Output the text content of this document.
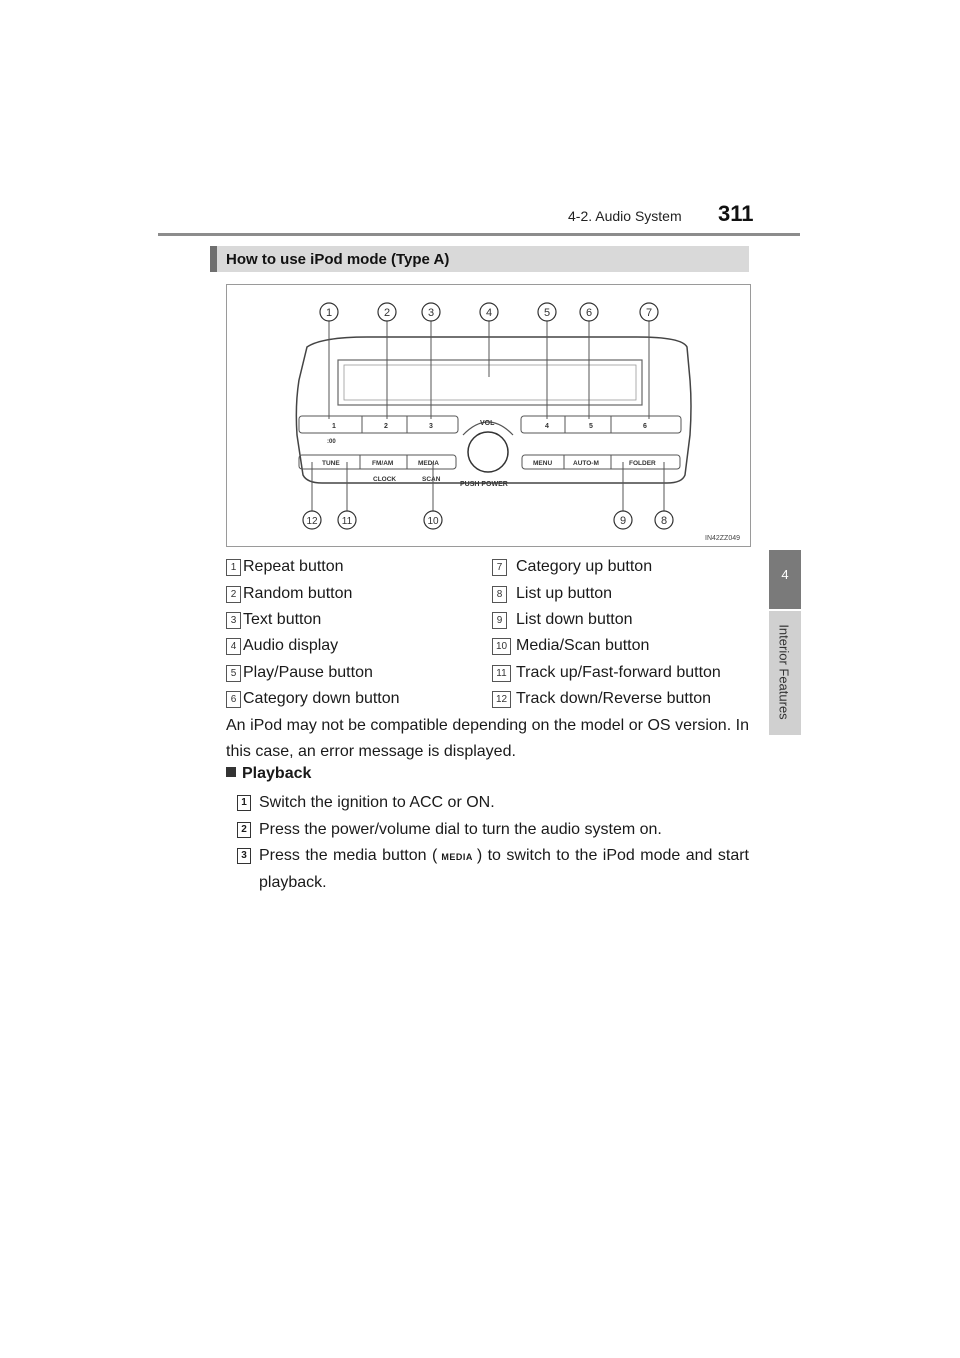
4-2. Audio System 311
4
Interior Features
How to use iPod mode (Type A)
1	2	3	4	5	6
:00
VOL
PUSH POWER
TUNE	FM/AM	MEDIA
CLOCK	SCAN
MENU	AUTO-M	FOLDER
1	2	3	4	5	6	7
8
9
10
11
12
IN42ZZ049
1 Repeat button
2 Random button
3 Text button
4 Audio display
5 Play/Pause button
6 Category down button
7 Category up button
8 List up button
9 List down button
10 Media/Scan button
11 Track up/Fast-forward button
12 Track down/Reverse button
An iPod may not be compatible depending on the model or OS version. In this case, an error message is displayed.
Playback
1 Switch the ignition to ACC or ON.
2 Press the power/volume dial to turn the audio system on.
3 Press the media button ( MEDIA ) to switch to the iPod mode and start playback.
